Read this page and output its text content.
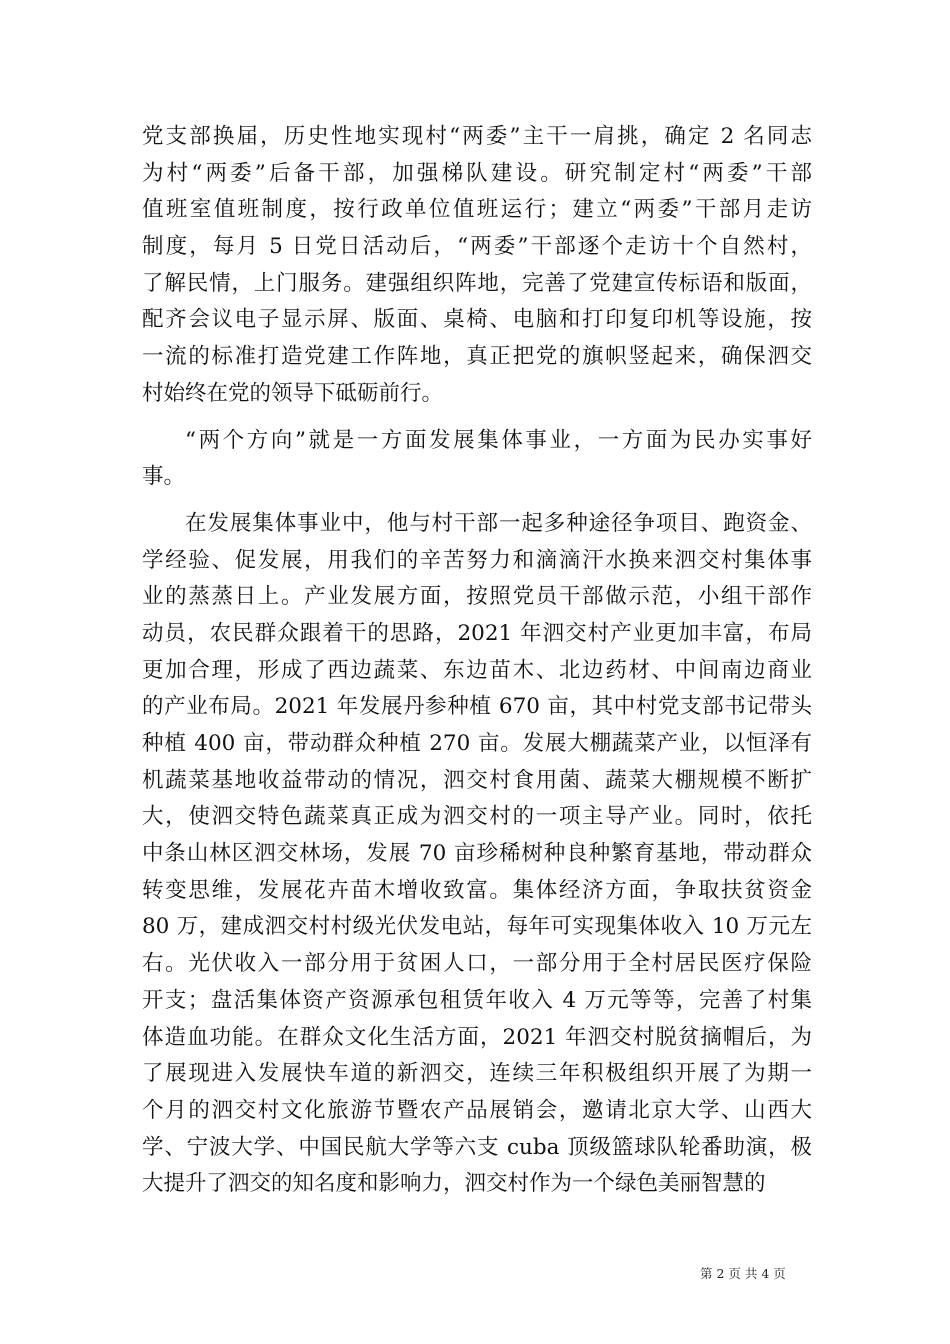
党支部换届，历史性地实现村“两委”主干一肩挑，确定 2 名同志
为村“两委”后备干部，加强梯队建设。研究制定村“两委”干部
值班室值班制度，按行政单位值班运行；建立“两委”干部月走访
制度，每月 5 日党日活动后，“两委”干部逐个走访十个自然村，
了解民情，上门服务。建强组织阵地，完善了党建宣传标语和版面，
配齐会议电子显示屏、版面、桌椅、电脑和打印复印机等设施，按
一流的标准打造党建工作阵地，真正把党的旗帜竖起来，确保泗交
村始终在党的领导下砥砺前行。
“两个方向”就是一方面发展集体事业，一方面为民办实事好
事。
在发展集体事业中，他与村干部一起多种途径争项目、跑资金、
学经验、促发展，用我们的辛苦努力和滴滴汗水换来泗交村集体事
业的蒸蒸日上。产业发展方面，按照党员干部做示范，小组干部作
动员，农民群众跟着干的思路，2021 年泗交村产业更加丰富，布局
更加合理，形成了西边蔬菜、东边苗木、北边药材、中间南边商业
的产业布局。2021 年发展丹参种植 670 亩，其中村党支部书记带头
种植 400 亩，带动群众种植 270 亩。发展大棚蔬菜产业，以恒泽有
机蔬菜基地收益带动的情况，泗交村食用菌、蔬菜大棚规模不断扩
大，使泗交特色蔬菜真正成为泗交村的一项主导产业。同时，依托
中条山林区泗交林场，发展 70 亩珍稀树种良种繁育基地，带动群众
转变思维，发展花卉苗木增收致富。集体经济方面，争取扶贫资金
80 万，建成泗交村村级光伏发电站，每年可实现集体收入 10 万元左
右。光伏收入一部分用于贫困人口，一部分用于全村居民医疗保险
开支；盘活集体资产资源承包租赁年收入 4 万元等等，完善了村集
体造血功能。在群众文化生活方面，2021 年泗交村脱贫摘帽后，为
了展现进入发展快车道的新泗交，连续三年积极组织开展了为期一
个月的泗交村文化旅游节暨农产品展销会，邀请北京大学、山西大
学、宁波大学、中国民航大学等六支 cuba 顶级篮球队轮番助演，极
大提升了泗交的知名度和影响力，泗交村作为一个绿色美丽智慧的
第 2 页 共 4 页
